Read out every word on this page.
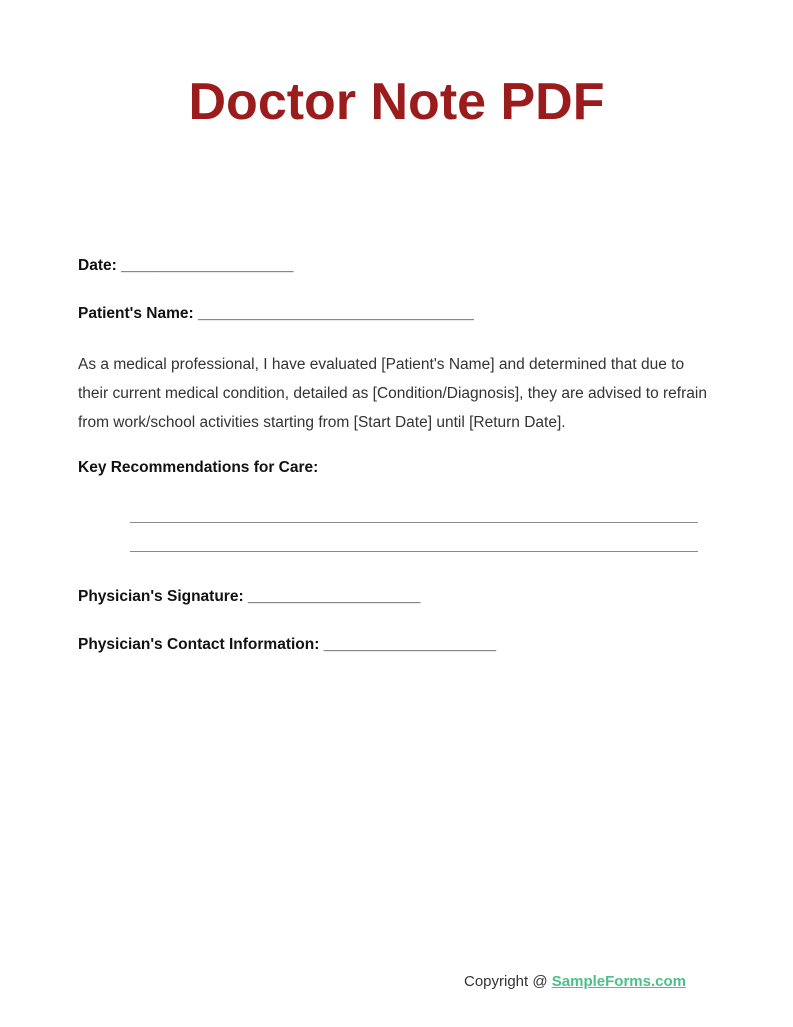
Doctor Note PDF
Date: ____________________
Patient's Name: ________________________________

As a medical professional, I have evaluated [Patient's Name] and determined that due to their current medical condition, detailed as [Condition/Diagnosis], they are advised to refrain from work/school activities starting from [Start Date] until [Return Date].

Key Recommendations for Care:
Physician's Signature: ____________________
Physician's Contact Information: ____________________
Copyright @ SampleForms.com
